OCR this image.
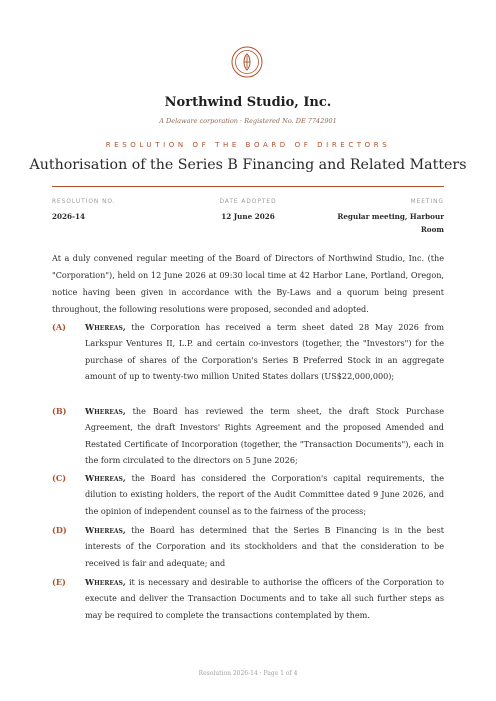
Northwind Studio, Inc.
A Delaware corporation · Registered No. DE 7742901
RESOLUTION OF THE BOARD OF DIRECTORS
Authorisation of the Series B Financing and Related Matters
RESOLUTION NO.
2026-14
DATE ADOPTED
12 June 2026
MEETING
Regular meeting, Harbour
Room
At a duly convened regular meeting of the Board of Directors of Northwind Studio, Inc. (the "Corporation"), held on 12 June 2026 at 09:30 local time at 42 Harbor Lane, Portland, Oregon, notice having been given in accordance with the By-Laws and a quorum being present throughout, the following resolutions were proposed, seconded and adopted.
(A) Whereas, the Corporation has received a term sheet dated 28 May 2026 from Larkspur Ventures II, L.P. and certain co-investors (together, the "Investors") for the purchase of shares of the Corporation's Series B Preferred Stock in an aggregate amount of up to twenty-two million United States dollars (US$22,000,000);
(B) Whereas, the Board has reviewed the term sheet, the draft Stock Purchase Agreement, the draft Investors' Rights Agreement and the proposed Amended and Restated Certificate of Incorporation (together, the "Transaction Documents"), each in the form circulated to the directors on 5 June 2026;
(C) Whereas, the Board has considered the Corporation's capital requirements, the dilution to existing holders, the report of the Audit Committee dated 9 June 2026, and the opinion of independent counsel as to the fairness of the process;
(D) Whereas, the Board has determined that the Series B Financing is in the best interests of the Corporation and its stockholders and that the consideration to be received is fair and adequate; and
(E) Whereas, it is necessary and desirable to authorise the officers of the Corporation to execute and deliver the Transaction Documents and to take all such further steps as may be required to complete the transactions contemplated by them.
Resolution 2026-14 · Page 1 of 4
